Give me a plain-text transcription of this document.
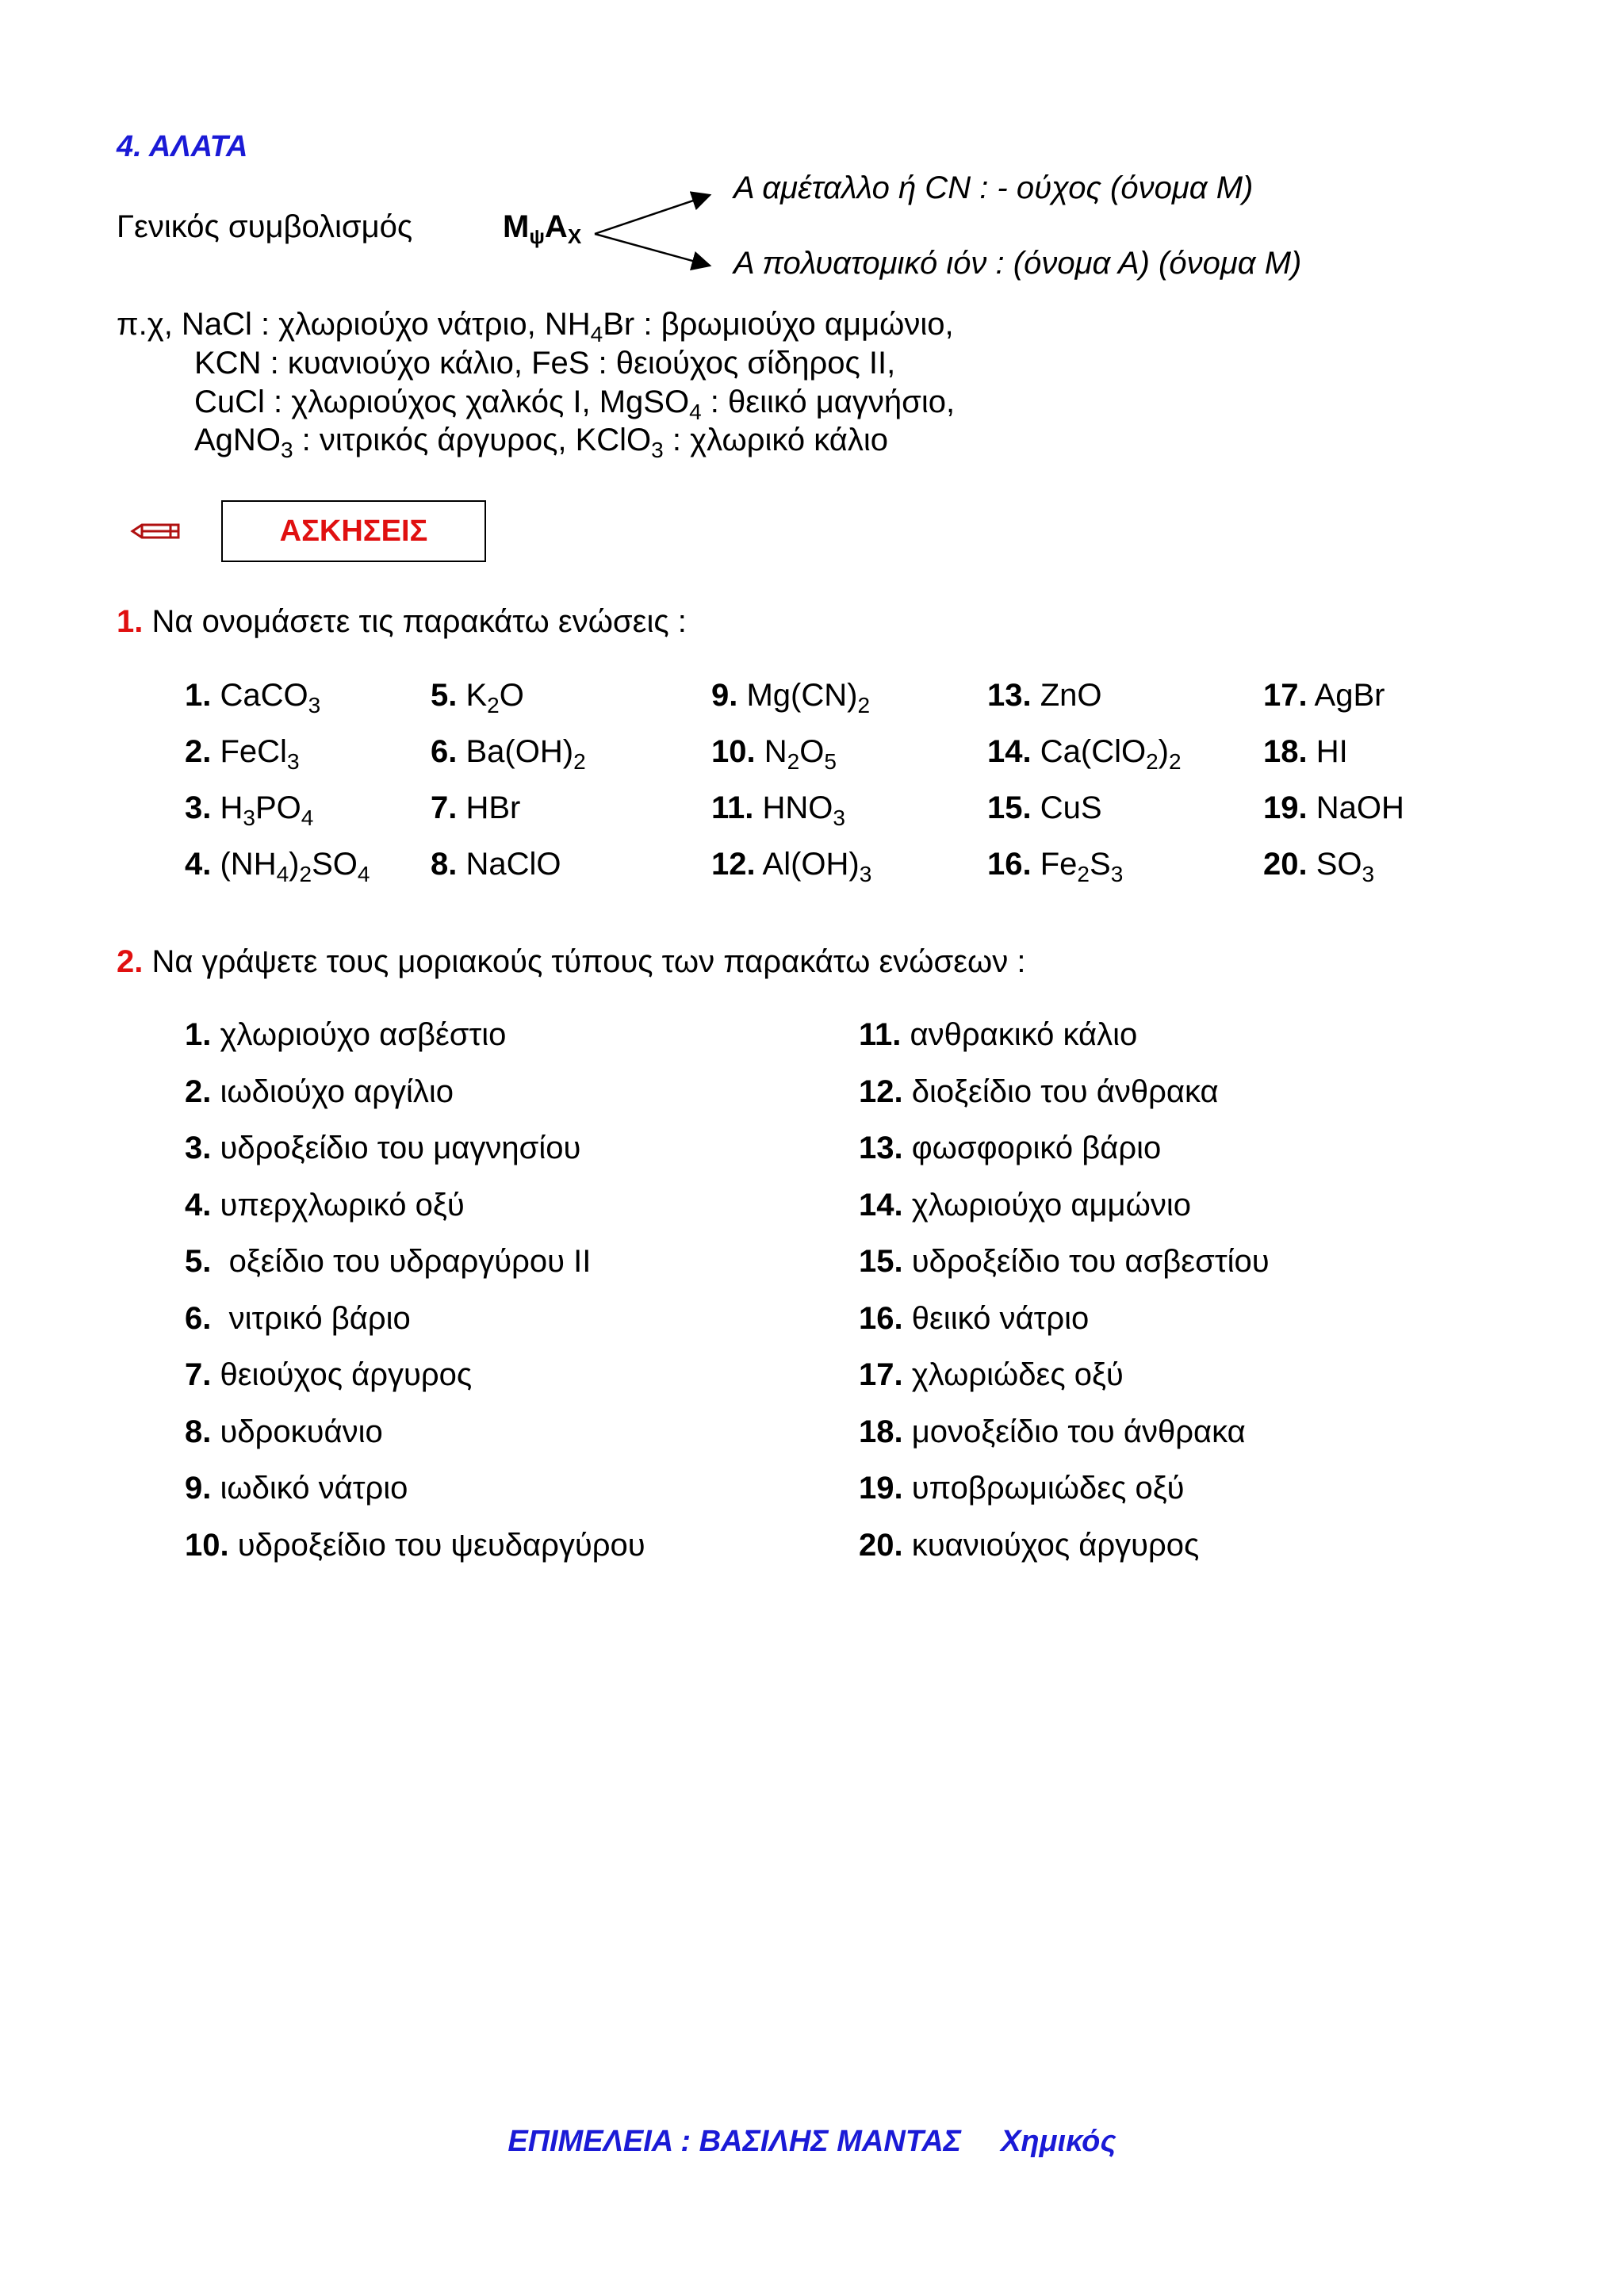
4. ΑΛΑΤΑ
Γενικός συμβολισμός	$M_\psi A_X$
Α αμέταλλο ή CN : - ούχος (όνομα Μ)
Α πολυατομικό ιόν : (όνομα Α) (όνομα Μ)
π.χ, NaCl : χλωριούχο νάτριο, $NH_4Br$ : βρωμιούχο αμμώνιο,
KCN : κυανιούχο κάλιο, FeS : θειούχος σίδηρος ΙΙ,
CuCl : χλωριούχος χαλκός Ι, MgSO$_4$ : θειικό μαγνήσιο,
AgNO$_3$ : νιτρικός άργυρος, KClO$_3$ : χλωρικό κάλιο
ΑΣΚΗΣΕΙΣ
1. Να ονομάσετε τις παρακάτω ενώσεις :
1. CaCO$_3$
2. FeCl$_3$
3. $H_3PO_4$
4. $(NH_4)_2SO_4$
5. $K_2O$
6. $Ba(OH)_2$
7. HBr
8. NaClO
9. $Mg(CN)_2$
10. $N_2O_5$
11. $HNO_3$
12. $Al(OH)_3$
13. ZnO
14. $Ca(ClO_2)_2$
15. CuS
16. $Fe_2S_3$
17. AgBr
18. HI
19. NaOH
20. $SO_3$
2. Να γράψετε τους μοριακούς τύπους των παρακάτω ενώσεων :
1. χλωριούχο ασβέστιο
2. ιωδιούχο αργίλιο
3. υδροξείδιο του μαγνησίου
4. υπερχλωρικό οξύ
5.  οξείδιο του υδραργύρου ΙΙ
6.  νιτρικό βάριο
7. θειούχος άργυρος
8. υδροκυάνιο
9. ιωδικό νάτριο
10. υδροξείδιο του ψευδαργύρου
11. ανθρακικό κάλιο
12. διοξείδιο του άνθρακα
13. φωσφορικό βάριο
14. χλωριούχο αμμώνιο
15. υδροξείδιο του ασβεστίου
16. θειικό νάτριο
17. χλωριώδες οξύ
18. μονοξείδιο του άνθρακα
19. υποβρωμιώδες οξύ
20. κυανιούχος άργυρος
ΕΠΙΜΕΛΕΙΑ : ΒΑΣΙΛΗΣ ΜΑΝΤΑΣ Χημικός
